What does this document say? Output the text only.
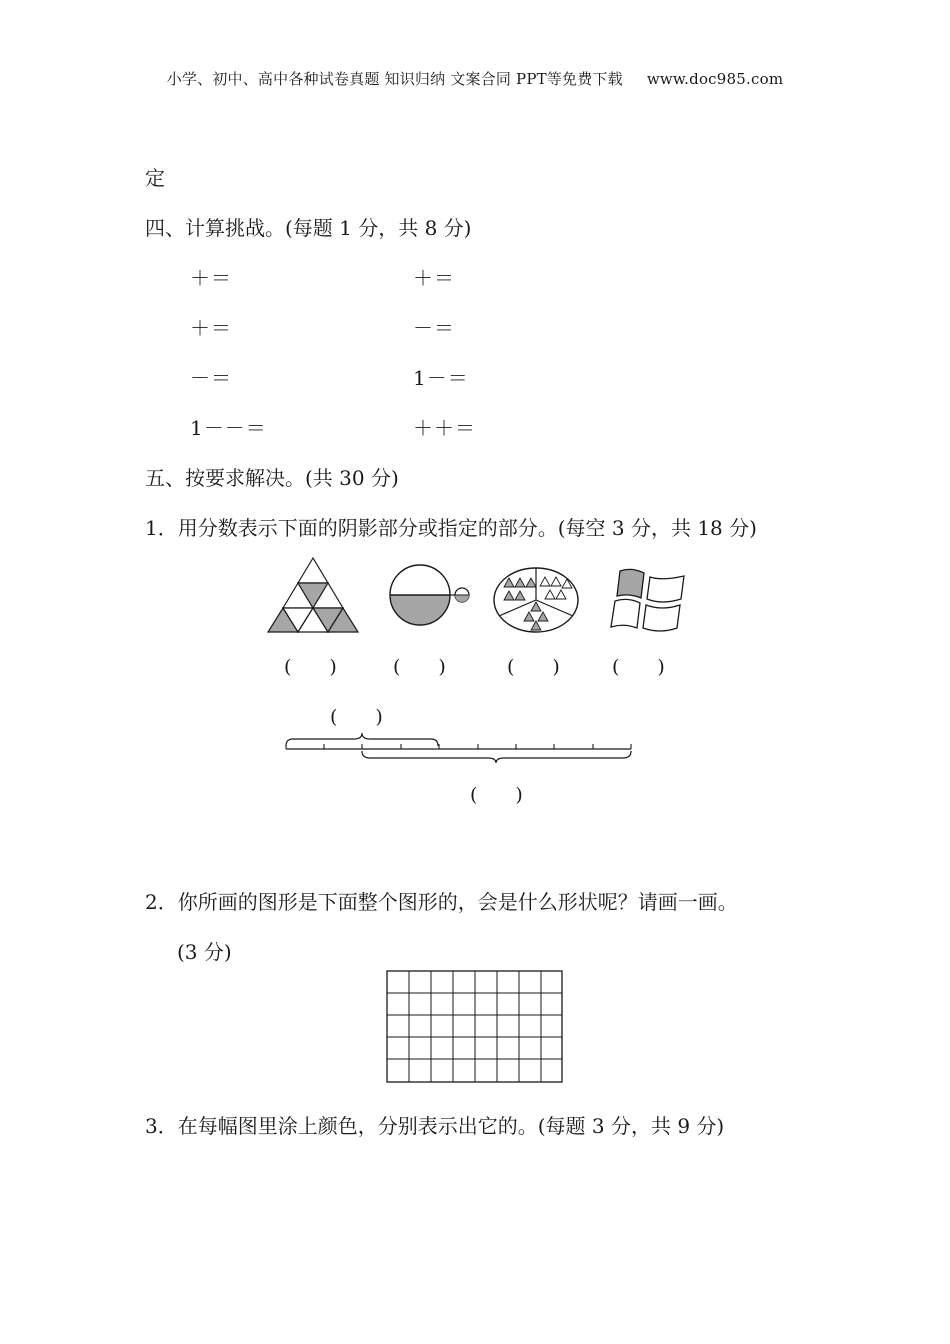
小学、初中、高中各种试卷真题 知识归纳 文案合同 PPT等免费下载 www.doc985.com
定
四、计算挑战。(每题 1 分，共 8 分)
＋＝	＋＝
＋＝	－＝
－＝	1－＝
1－－＝	＋＋＝
五、按要求解决。(共 30 分)
1．用分数表示下面的阴影部分或指定的部分。(每空 3 分，共 18 分)
(　　)	(　　)	(　　)	(　　)
(　　)
(　　)
2．你所画的图形是下面整个图形的，会是什么形状呢？请画一画。
(3 分)
3．在每幅图里涂上颜色，分别表示出它的。(每题 3 分，共 9 分)
